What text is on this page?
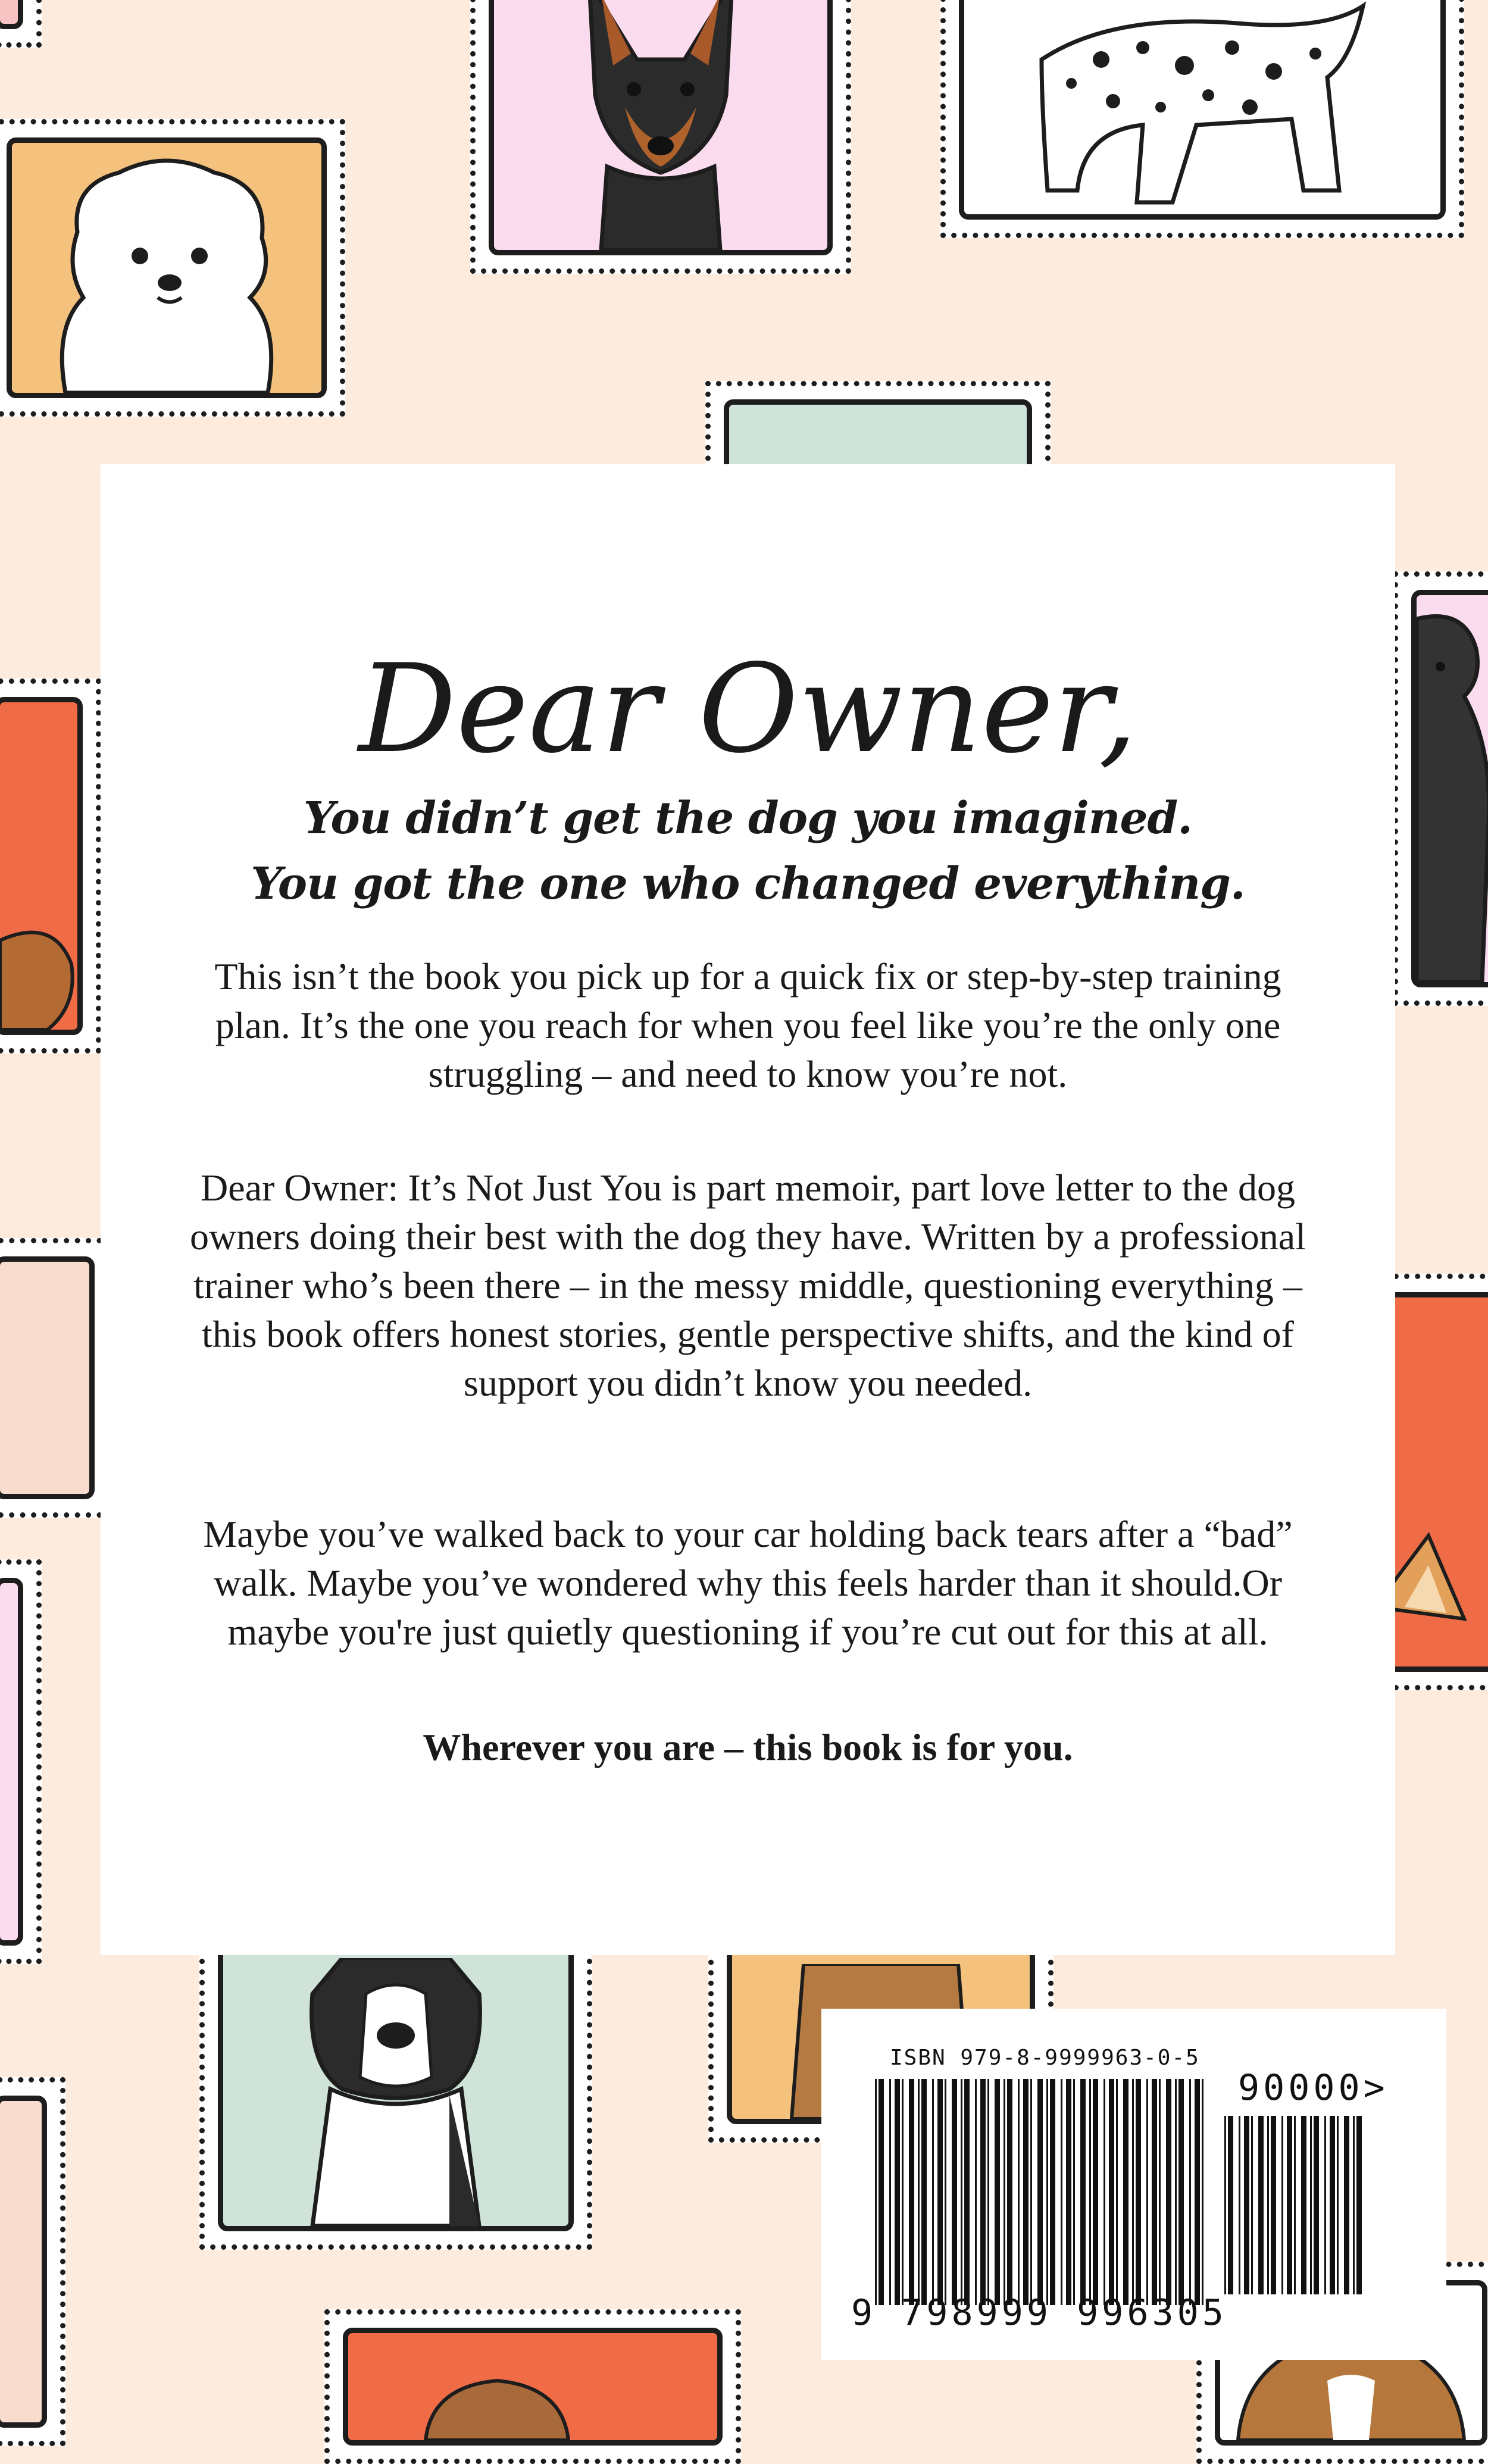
Dear Owner,
You didn’t get the dog you imagined.
You got the one who changed everything.
This isn’t the book you pick up for a quick fix or step-by-step training plan. It’s the one you reach for when you feel like you’re the only one struggling – and need to know you’re not.
Dear Owner: It’s Not Just You is part memoir, part love letter to the dog owners doing their best with the dog they have. Written by a professional trainer who’s been there – in the messy middle, questioning everything – this book offers honest stories, gentle perspective shifts, and the kind of support you didn’t know you needed.
Maybe you’ve walked back to your car holding back tears after a “bad” walk. Maybe you’ve wondered why this feels harder than it should.Or maybe you're just quietly questioning if you’re cut out for this at all.
Wherever you are – this book is for you.
ISBN 979-8-9999963-0-5
90000>
9 798999 996305
